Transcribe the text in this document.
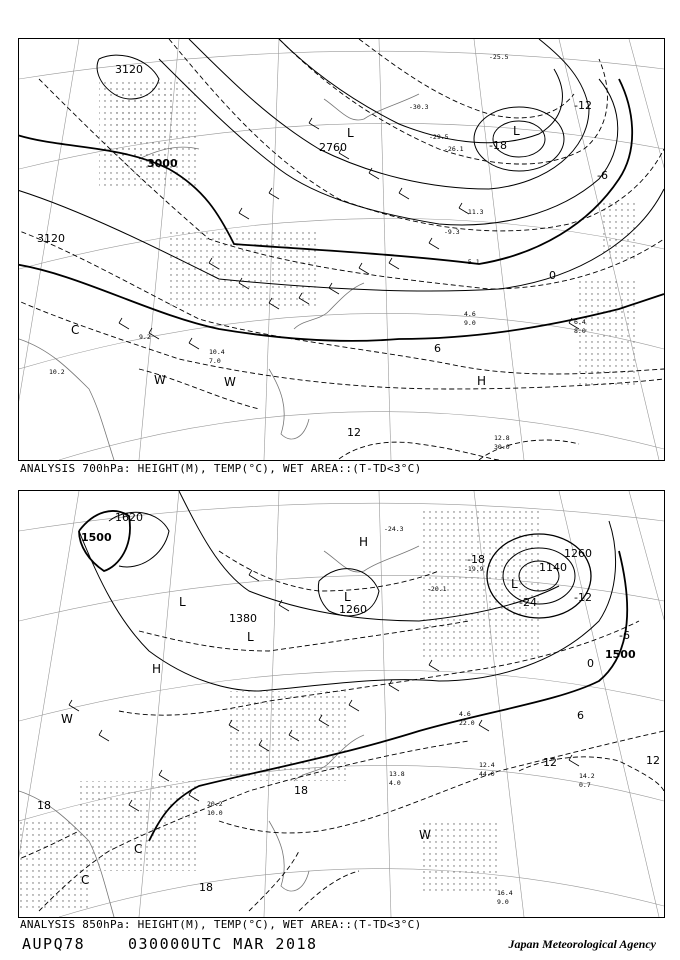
3000
3120
3120
2760	-18
-12
-6
0
6
12
L
L
H
W
W
C
10.2
12.8
30.0
4.6
9.0	6.4
8.0
10.4
7.0
9.2
-25.5
-30.3
-29.5
-26.1
-11.3
-9.3
-5.1
ANALYSIS 700hPa: HEIGHT(M), TEMP(°C), WET AREA::(T-TD<3°C)
1500
1500
1620
1260
1380
1260
1140
-24
-18
-12
-6
0
6
12	12
18
18
18
L
L
L
L
H
H
W
W
C
C
16.4
9.0
14.2
0.7
12.4
44.0
13.8
4.0
20.2
10.0
4.6
22.0
-20.1
-24.3
-19.9
ANALYSIS 850hPa: HEIGHT(M), TEMP(°C), WET AREA::(T-TD<3°C)
AUPQ78	030000UTC MAR 2018	Japan Meteorological Agency
